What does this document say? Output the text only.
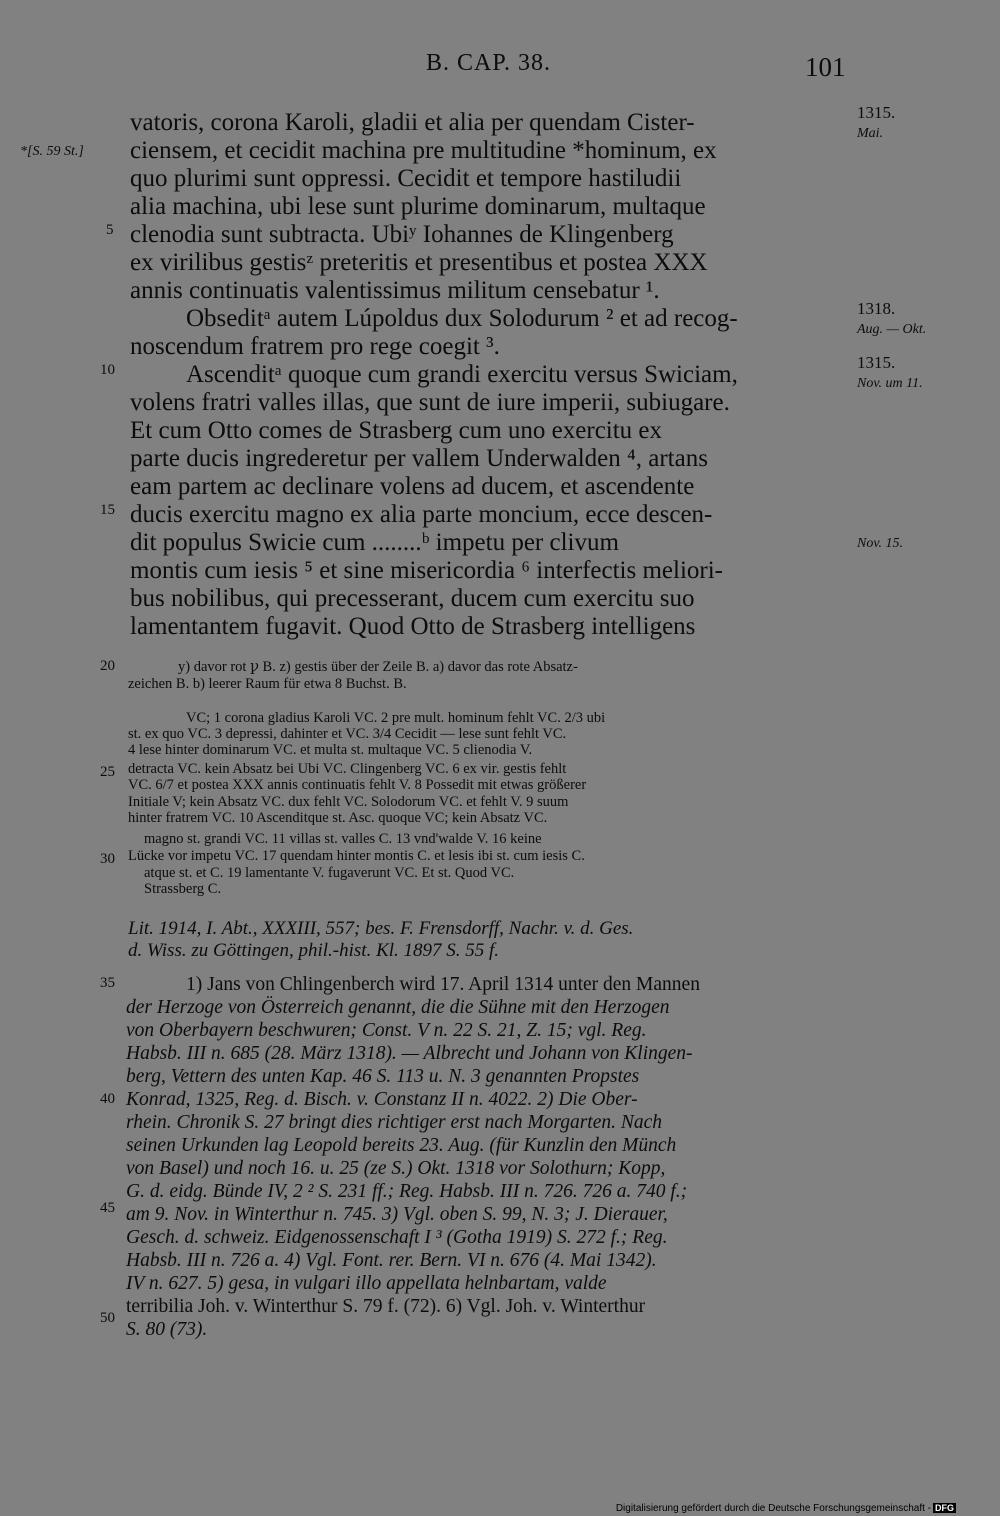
B. CAP. 38.	101
*[S. 59 St.]
1315.
Mai.
1318.
Aug. — Okt.
1315.
Nov. um 11.
Nov. 15.
5
10
15
20
25
30
35
40
45
50
vatoris, corona Karoli, gladii et alia per quendam Cister-
ciensem, et cecidit machina pre multitudine *hominum, ex
quo plurimi sunt oppressi. Cecidit et tempore hastiludii
alia machina, ubi lese sunt plurime dominarum, multaque
clenodia sunt subtracta. Ubiʸ Iohannes de Klingenberg
ex virilibus gestisᶻ preteritis et presentibus et postea XXX
annis continuatis valentissimus militum censebatur ¹.
Obseditᵃ autem Lúpoldus dux Solodurum ² et ad recog-
noscendum fratrem pro rege coegit ³.
Ascenditᵃ quoque cum grandi exercitu versus Swiciam,
volens fratri valles illas, que sunt de iure imperii, subiugare.
Et cum Otto comes de Strasberg cum uno exercitu ex
parte ducis ingrederetur per vallem Underwalden ⁴, artans
eam partem ac declinare volens ad ducem, et ascendente
ducis exercitu magno ex alia parte moncium, ecce descen-
dit populus Swicie cum ........ᵇ impetu per clivum
montis cum iesis ⁵ et sine misericordia ⁶ interfectis meliori-
bus nobilibus, qui precesserant, ducem cum exercitu suo
lamentantem fugavit. Quod Otto de Strasberg intelligens
y) davor rot ꝩ B. z) gestis über der Zeile B. a) davor das rote Absatz-
zeichen B. b) leerer Raum für etwa 8 Buchst. B.
VC; 1 corona gladius Karoli VC. 2 pre mult. hominum fehlt VC. 2/3 ubi
st. ex quo VC. 3 depressi, dahinter et VC. 3/4 Cecidit — lese sunt fehlt VC.
4 lese hinter dominarum VC. et multa st. multaque VC. 5 clienodia V.
detracta VC. kein Absatz bei Ubi VC. Clingenberg VC. 6 ex vir. gestis fehlt
VC. 6/7 et postea XXX annis continuatis fehlt V. 8 Possedit mit etwas größerer
Initiale V; kein Absatz VC. dux fehlt VC. Solodorum VC. et fehlt V. 9 suum
hinter fratrem VC. 10 Ascenditque st. Asc. quoque VC; kein Absatz VC.
magno st. grandi VC. 11 villas st. valles C. 13 vnd'walde V. 16 keine
Lücke vor impetu VC. 17 quendam hinter montis C. et lesis ibi st. cum iesis C.
atque st. et C. 19 lamentante V. fugaverunt VC. Et st. Quod VC.
Strassberg C.
Lit. 1914, I. Abt., XXXIII, 557; bes. F. Frensdorff, Nachr. v. d. Ges.
d. Wiss. zu Göttingen, phil.-hist. Kl. 1897 S. 55 f.
1) Jans von Chlingenberch wird 17. April 1314 unter den Mannen
der Herzoge von Österreich genannt, die die Sühne mit den Herzogen
von Oberbayern beschwuren; Const. V n. 22 S. 21, Z. 15; vgl. Reg.
Habsb. III n. 685 (28. März 1318). — Albrecht und Johann von Klingen-
berg, Vettern des unten Kap. 46 S. 113 u. N. 3 genannten Propstes
Konrad, 1325, Reg. d. Bisch. v. Constanz II n. 4022. 2) Die Ober-
rhein. Chronik S. 27 bringt dies richtiger erst nach Morgarten. Nach
seinen Urkunden lag Leopold bereits 23. Aug. (für Kunzlin den Münch
von Basel) und noch 16. u. 25 (ze S.) Okt. 1318 vor Solothurn; Kopp,
G. d. eidg. Bünde IV, 2 ² S. 231 ff.; Reg. Habsb. III n. 726. 726 a. 740 f.;
am 9. Nov. in Winterthur n. 745. 3) Vgl. oben S. 99, N. 3; J. Dierauer,
Gesch. d. schweiz. Eidgenossenschaft I ³ (Gotha 1919) S. 272 f.; Reg.
Habsb. III n. 726 a. 4) Vgl. Font. rer. Bern. VI n. 676 (4. Mai 1342).
IV n. 627. 5) gesa, in vulgari illo appellata helnbartam, valde
terribilia Joh. v. Winterthur S. 79 f. (72). 6) Vgl. Joh. v. Winterthur
S. 80 (73).
Digitalisierung gefördert durch die Deutsche Forschungsgemeinschaft - DFG
